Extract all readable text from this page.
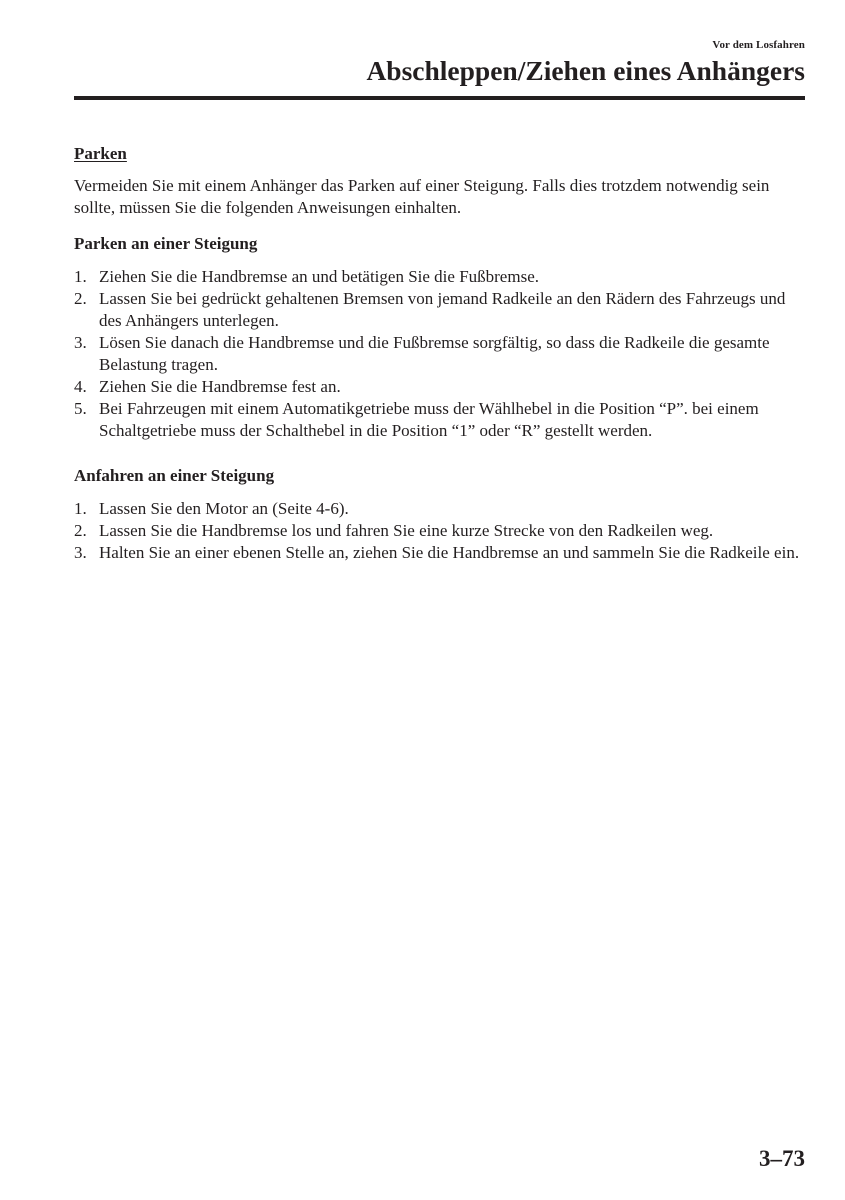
Vor dem Losfahren
Abschleppen/Ziehen eines Anhängers
Parken

Vermeiden Sie mit einem Anhänger das Parken auf einer Steigung. Falls dies trotzdem notwendig sein sollte, müssen Sie die folgenden Anweisungen einhalten.

Parken an einer Steigung
1. Ziehen Sie die Handbremse an und betätigen Sie die Fußbremse.
2. Lassen Sie bei gedrückt gehaltenen Bremsen von jemand Radkeile an den Rädern des Fahrzeugs und des Anhängers unterlegen.
3. Lösen Sie danach die Handbremse und die Fußbremse sorgfältig, so dass die Radkeile die gesamte Belastung tragen.
4. Ziehen Sie die Handbremse fest an.
5. Bei Fahrzeugen mit einem Automatikgetriebe muss der Wählhebel in die Position “P”. bei einem Schaltgetriebe muss der Schalthebel in die Position “1” oder “R” gestellt werden.
Anfahren an einer Steigung
1. Lassen Sie den Motor an (Seite 4-6).
2. Lassen Sie die Handbremse los und fahren Sie eine kurze Strecke von den Radkeilen weg.
3. Halten Sie an einer ebenen Stelle an, ziehen Sie die Handbremse an und sammeln Sie die Radkeile ein.
3–73
